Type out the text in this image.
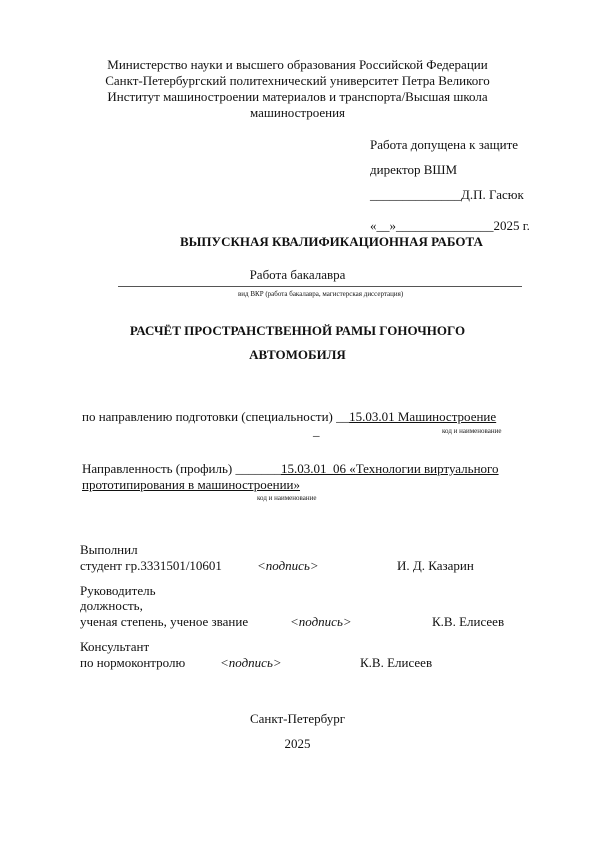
Министерство науки и высшего образования Российской Федерации
Санкт-Петербургский политехнический университет Петра Великого
Институт машиностроении материалов и транспорта/Высшая школа
машиностроения
Работа допущена к защите
директор ВШМ
______________Д.П. Гасюк
«__»_______________2025 г.
ВЫПУСКНАЯ КВАЛИФИКАЦИОННАЯ РАБОТА
Работа бакалавра
вид ВКР (работа бакалавра, магистерская диссертация)
РАСЧЁТ ПРОСТРАНСТВЕННОЙ РАМЫ ГОНОЧНОГО
АВТОМОБИЛЯ
по направлению подготовки (специальности) __15.03.01 Машиностроение
_	код и наименование
Направленность (профиль) _______15.03.01_06 «Технологии виртуального
прототипирования в машиностроении»
код и наименование
Выполнил
студент гр.3331501/10601	<подпись>	И. Д. Казарин
Руководитель
должность,
ученая степень, ученое звание	<подпись>	К.В. Елисеев
Консультант
по нормоконтролю	<подпись>	К.В. Елисеев
Санкт-Петербург
2025
